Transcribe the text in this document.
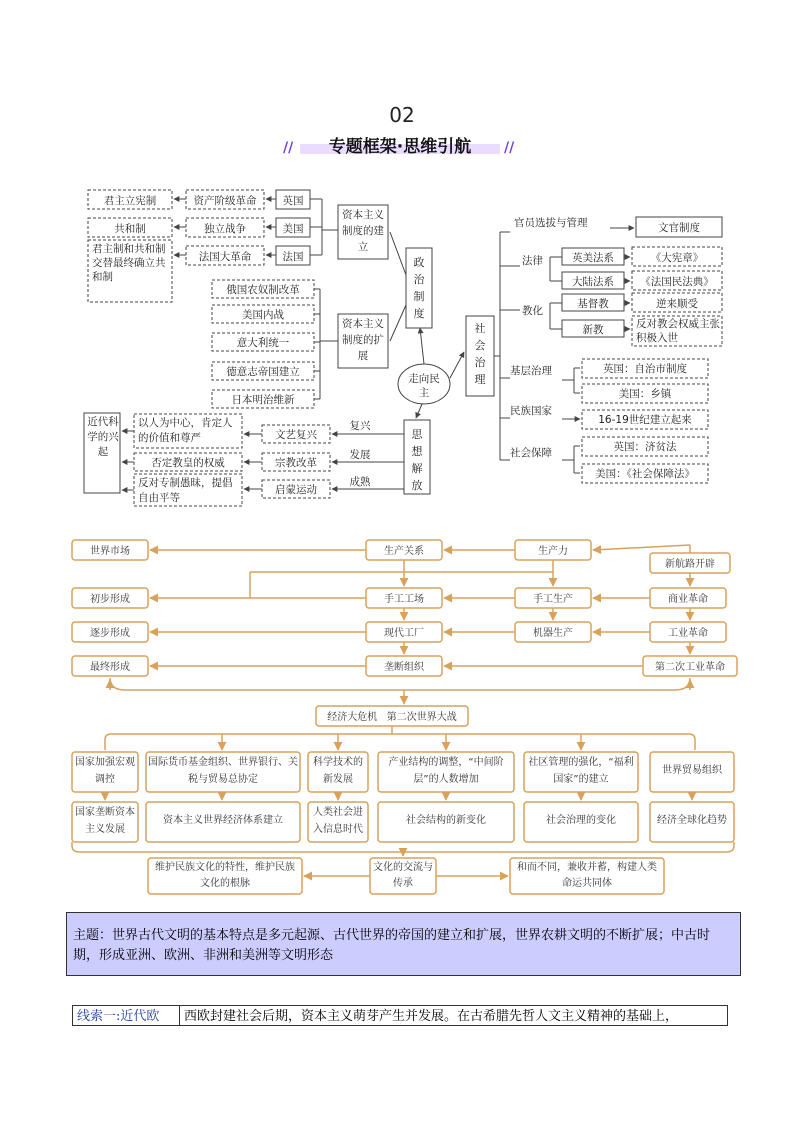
02
//	专题框架·思维引航	//
君主立宪制
共和制
君主制和共和制交替最终确立共和制
资产阶级革命
独立战争
法国大革命
英国
美国
法国
资本主义制度的建立
俄国农奴制改革
美国内战
意大利统一
德意志帝国建立
日本明治维新
资本主义制度的扩展
政治制度
走向民主
思想解放
近代科学的兴起
以人为中心，肯定人的价值和尊严
否定教皇的权威
反对专制愚昧，提倡自由平等
文艺复兴
宗教改革
启蒙运动
复兴
发展
成熟
社会治理
官员选拔与管理	文官制度
法律	英美法系
大陆法系
《大宪章》
《法国民法典》
教化
基督教
新教
逆来顺受
反对教会权威主张积极入世
基层治理	英国：自治市制度
美国：乡镇
民族国家
16-19世纪建立起来
社会保障	英国：济贫法
美国：《社会保障法》
世界市场	生产关系	生产力
新航路开辟
初步形成	手工工场	手工生产	商业革命
逐步形成	现代工厂	机器生产	工业革命
最终形成	垄断组织	第二次工业革命
经济大危机   第二次世界大战
国家加强宏观调控
国际货币基金组织、世界银行、关税与贸易总协定
科学技术的新发展
产业结构的调整，“中间阶层”的人数增加
社区管理的强化，“福利国家”的建立
世界贸易组织
国家垄断资本主义发展
资本主义世界经济体系建立
人类社会进入信息时代
社会结构的新变化	社会治理的变化	经济全球化趋势
维护民族文化的特性，维护民族文化的根脉
文化的交流与传承
和而不同，兼收并蓄，构建人类命运共同体
主题：世界古代文明的基本特点是多元起源、古代世界的帝国的建立和扩展，世界农耕文明的不断扩展；中古时期，形成亚洲、欧洲、非洲和美洲等文明形态
线索一:近代欧	西欧封建社会后期，资本主义萌芽产生并发展。在古希腊先哲人文主义精神的基础上，
